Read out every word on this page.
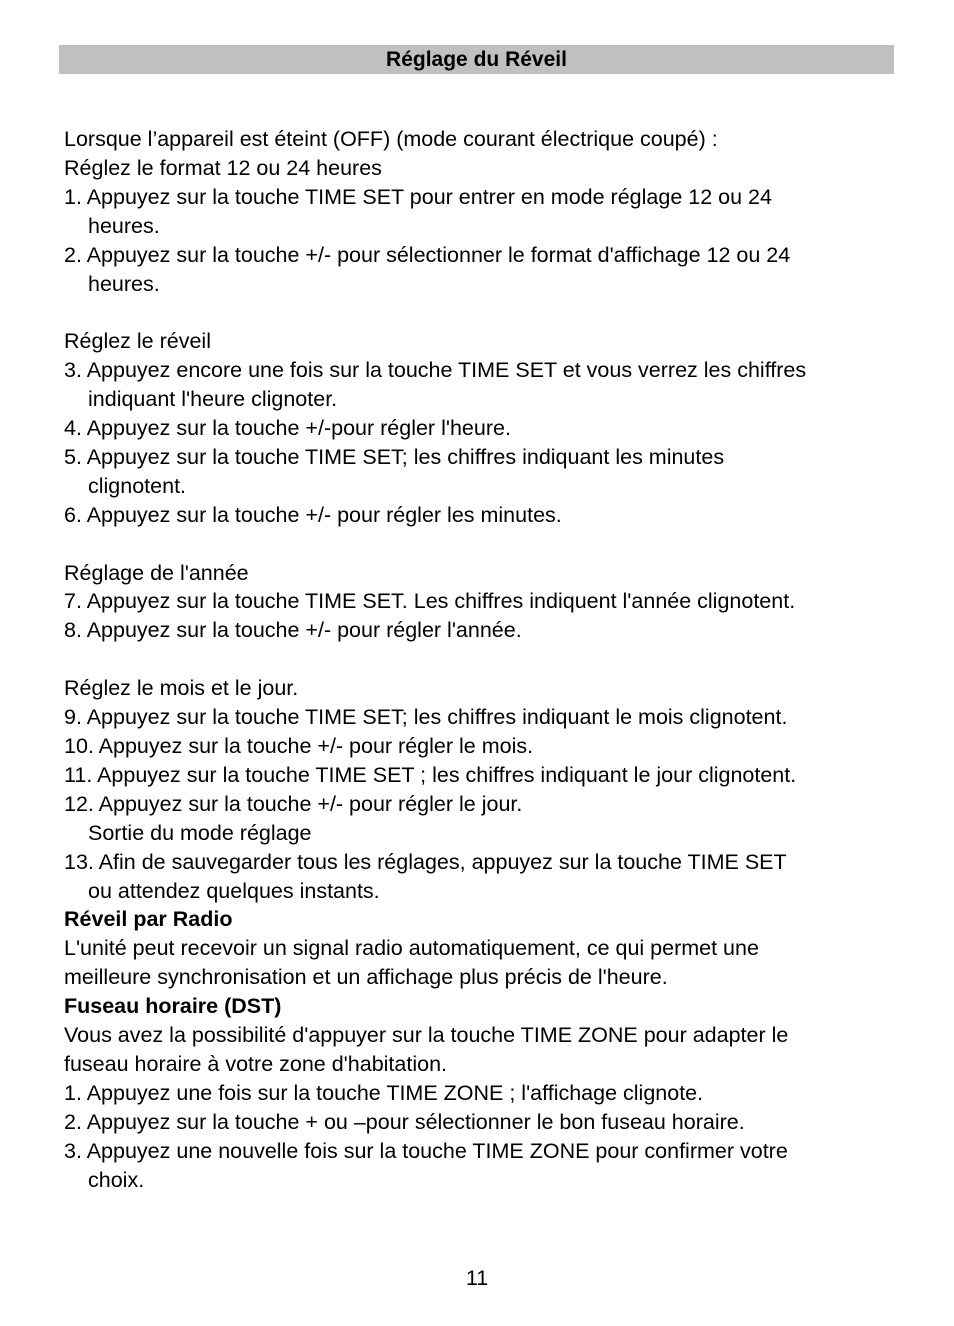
Réglage du Réveil
Lorsque l’appareil est éteint (OFF) (mode courant électrique coupé) :
Réglez le format 12 ou 24 heures
1. Appuyez sur la touche TIME SET pour entrer en mode réglage 12 ou 24
heures.
2. Appuyez sur la touche +/- pour sélectionner le format d'affichage 12 ou 24
heures.
Réglez le réveil
3. Appuyez encore une fois sur la touche TIME SET et vous verrez les chiffres
indiquant l'heure clignoter.
4. Appuyez sur la touche +/-pour régler l'heure.
5. Appuyez sur la touche TIME SET; les chiffres indiquant les minutes
clignotent.
6. Appuyez sur la touche +/- pour régler les minutes.
Réglage de l'année
7. Appuyez sur la touche TIME SET. Les chiffres indiquent l'année clignotent.
8. Appuyez sur la touche +/- pour régler l'année.
Réglez le mois et le jour.
9. Appuyez sur la touche TIME SET; les chiffres indiquant le mois clignotent.
10. Appuyez sur la touche +/- pour régler le mois.
11. Appuyez sur la touche TIME SET ; les chiffres indiquant le jour clignotent.
12. Appuyez sur la touche +/- pour régler le jour.
Sortie du mode réglage
13. Afin de sauvegarder tous les réglages, appuyez sur la touche TIME SET
ou attendez quelques instants.
Réveil par Radio
L'unité peut recevoir un signal radio automatiquement, ce qui permet une
meilleure synchronisation et un affichage plus précis de l'heure.
Fuseau horaire (DST)
Vous avez la possibilité d'appuyer sur la touche TIME ZONE pour adapter le
fuseau horaire à votre zone d'habitation.
1. Appuyez une fois sur la touche TIME ZONE ; l'affichage clignote.
2. Appuyez sur la touche + ou –pour sélectionner le bon fuseau horaire.
3. Appuyez une nouvelle fois sur la touche TIME ZONE pour confirmer votre
choix.
11
